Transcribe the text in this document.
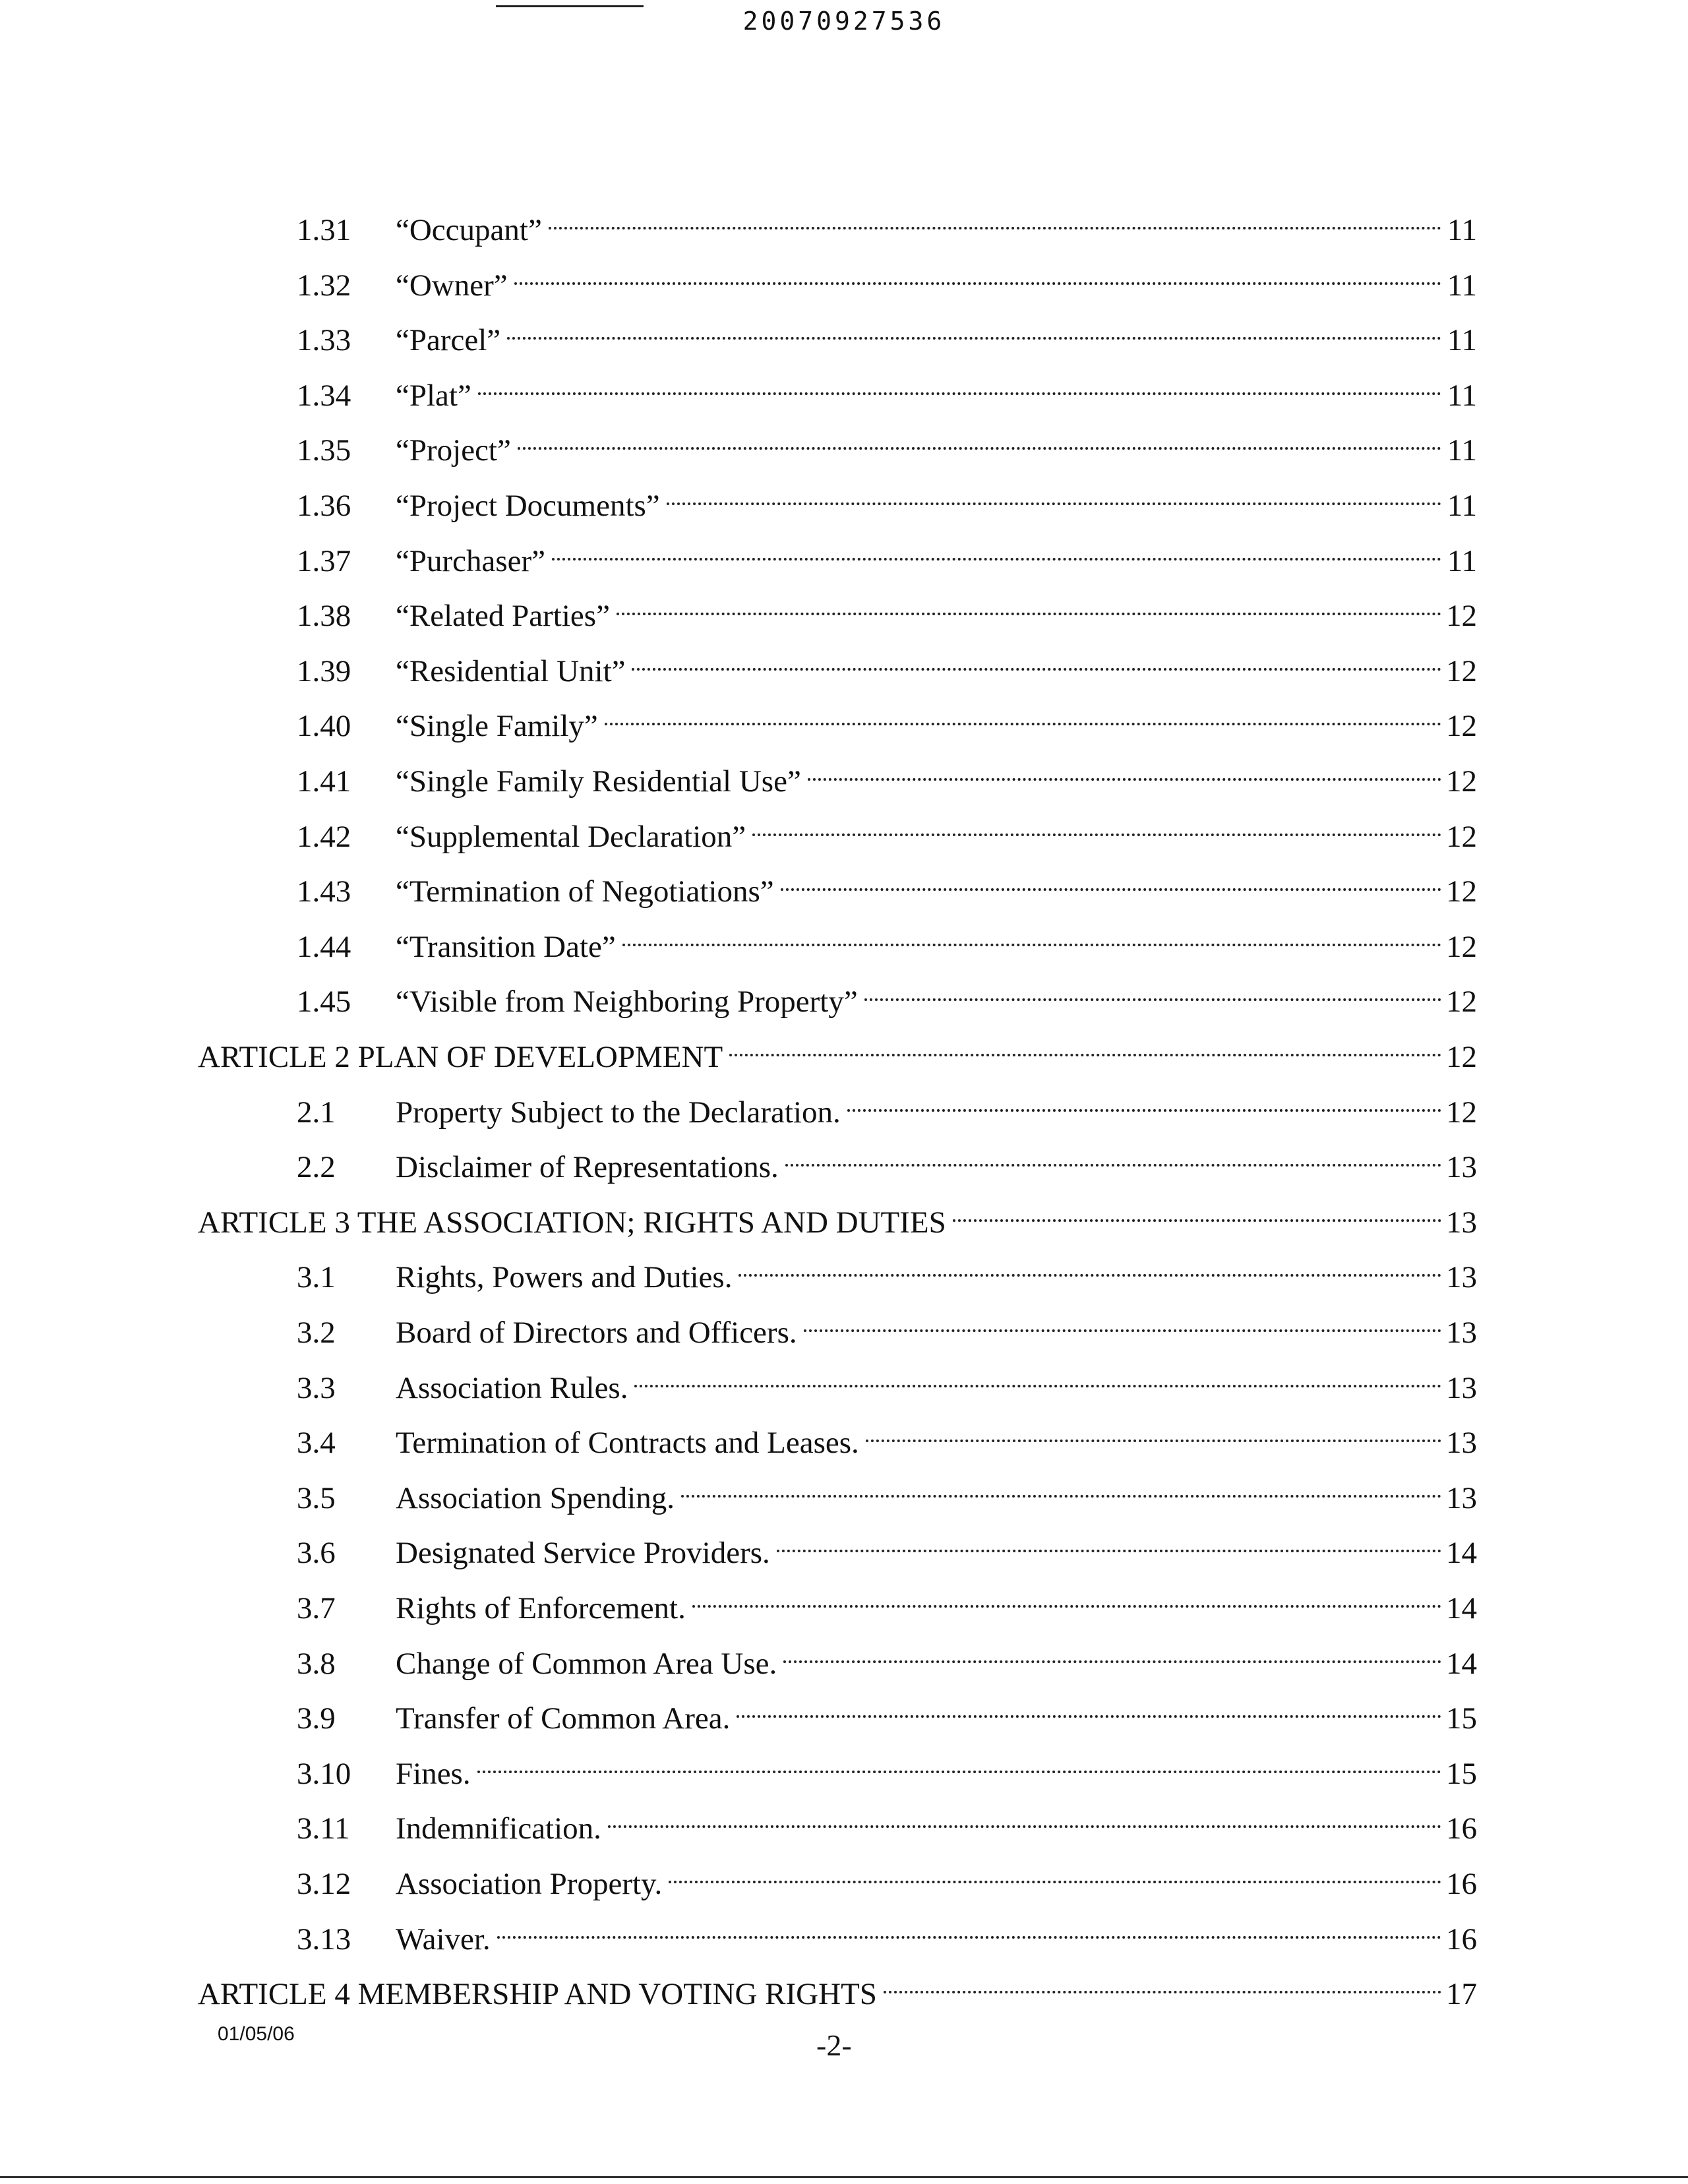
20070927536
1.31	“Occupant”	11
1.32	“Owner”	11
1.33	“Parcel”	11
1.34	“Plat”	11
1.35	“Project”	11
1.36	“Project Documents”	11
1.37	“Purchaser”	11
1.38	“Related Parties”	12
1.39	“Residential Unit”	12
1.40	“Single Family”	12
1.41	“Single Family Residential Use”	12
1.42	“Supplemental Declaration”	12
1.43	“Termination of Negotiations”	12
1.44	“Transition Date”	12
1.45	“Visible from Neighboring Property”	12
ARTICLE 2 PLAN OF DEVELOPMENT	12
2.1	Property Subject to the Declaration.	12
2.2	Disclaimer of Representations.	13
ARTICLE 3 THE ASSOCIATION; RIGHTS AND DUTIES	13
3.1	Rights, Powers and Duties.	13
3.2	Board of Directors and Officers.	13
3.3	Association Rules.	13
3.4	Termination of Contracts and Leases.	13
3.5	Association Spending.	13
3.6	Designated Service Providers.	14
3.7	Rights of Enforcement.	14
3.8	Change of Common Area Use.	14
3.9	Transfer of Common Area.	15
3.10	Fines.	15
3.11	Indemnification.	16
3.12	Association Property.	16
3.13	Waiver.	16
ARTICLE 4 MEMBERSHIP AND VOTING RIGHTS	17
01/05/06	-2-
